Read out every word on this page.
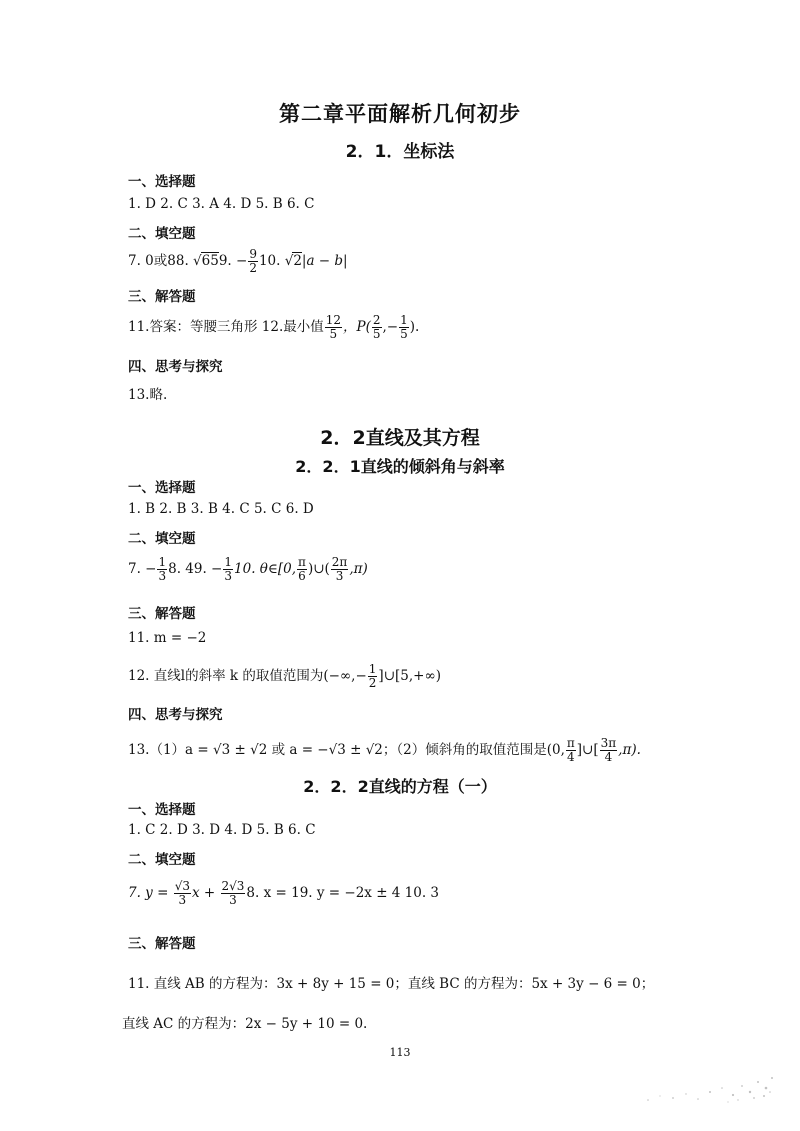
第二章平面解析几何初步
2．1．坐标法
一、选择题
1. D 2. C 3. A 4. D 5. B 6. C
二、填空题
7. 0或88. √659. − $\frac{9}{2} 10$. √2|a − b|
三、解答题
11.答案：等腰三角形 12.最小值 $\frac{12}{5}$ ，$P( \frac{2}{5}$ ,− $\frac{1}{5}$ ).
四、思考与探究
13.略.
2．2直线及其方程
2．2．1直线的倾斜角与斜率
一、选择题
1. B 2. B 3. B 4. C 5. C 6. D
二、填空题
7. − $\frac{1}{3} 8$. 49. − $\frac{1}{3} 10$. θ∈[0, $\frac{\pi}{6}$ )∪( $\frac{2\pi}{3} ,\pi$)
三、解答题
11. m = −2
12. 直线l的斜率 k 的取值范围为(−∞,− $\frac{1}{2}$ ]∪[5,+∞)
四、思考与探究
13.（1）a = √3 ± √2 或 a = −√3 ± √2；（2）倾斜角的取值范围是(0, $\frac{\pi}{4}$ ]∪[ $\frac{3\pi}{4} ,\pi$).
2．2．2直线的方程（一）
一、选择题
1. C 2. D 3. D 4. D 5. B 6. C
二、填空题
7. $y = \frac{√3}{3}$ $x + \frac{2√3}{3} 8$. x = 19. y = −2x ± 4 10. 3
三、解答题
11. 直线 AB 的方程为：3x + 8y + 15 = 0；直线 BC 的方程为：5x + 3y − 6 = 0；
直线 AC 的方程为：2x − 5y + 10 = 0.
113
